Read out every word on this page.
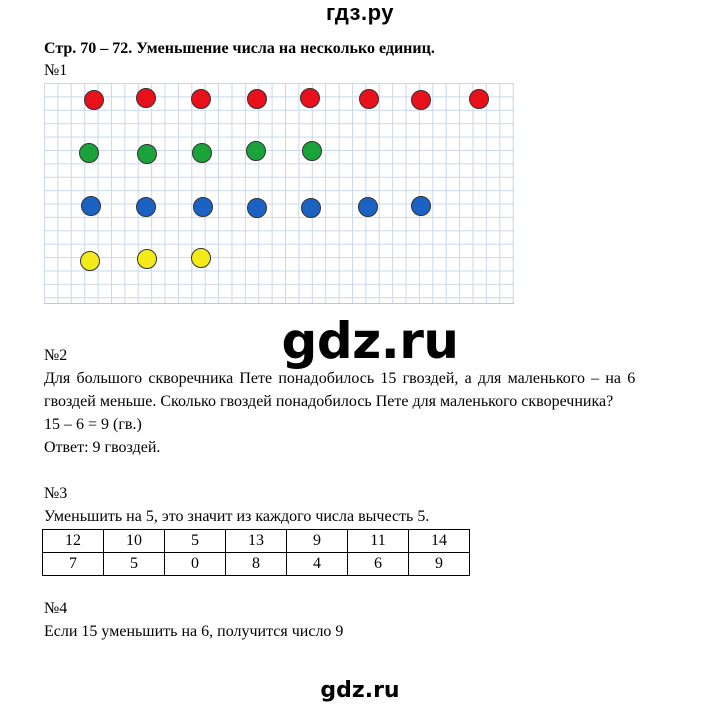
гдз.ру
Стр. 70 – 72. Уменьшение числа на несколько единиц.
№1
gdz.ru
№2
Для большого скворечника Пете понадобилось 15 гвоздей, а для маленького – на 6
гвоздей меньше. Сколько гвоздей понадобилось Пете для маленького скворечника?
15 – 6 = 9 (гв.)
Ответ: 9 гвоздей.
№3
Уменьшить на 5, это значит из каждого числа вычесть 5.
12	10	5	13	9	11	14
7	5	0	8	4	6	9
№4
Если 15 уменьшить на 6, получится число 9
gdz.ru
